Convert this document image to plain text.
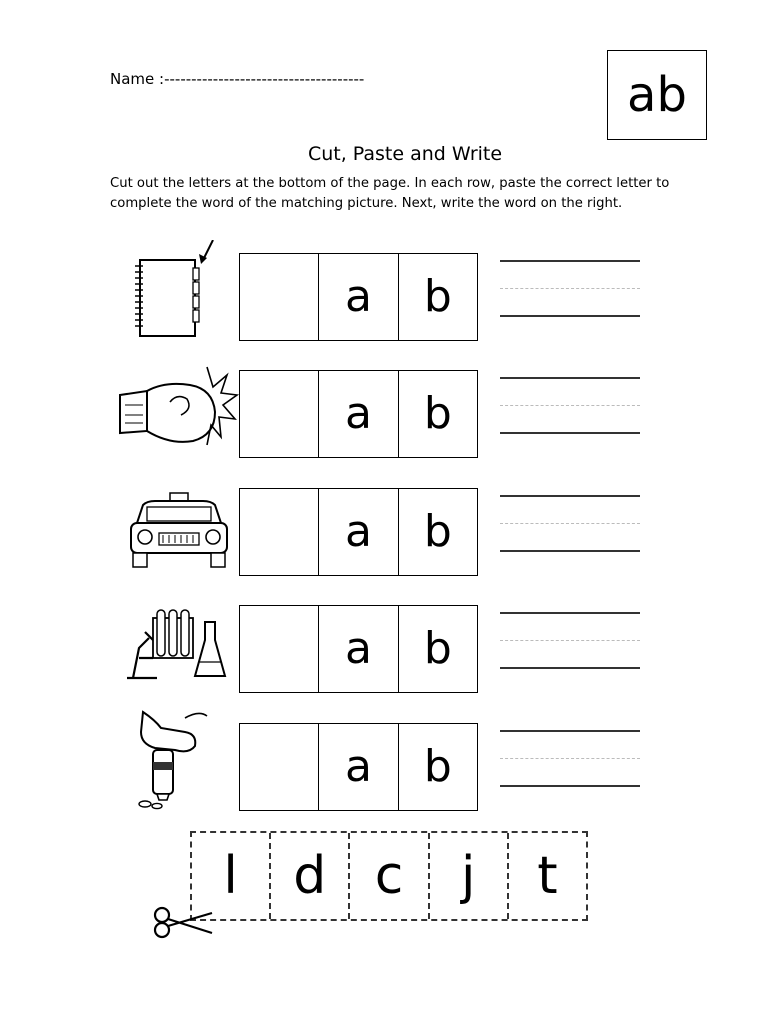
Name :-------------------------------------	ab
Cut, Paste and Write
Cut out the letters at the bottom of the page. In each row, paste the correct letter to complete the word of the matching picture. Next, write the word on the right.
a	b
a	b
a	b
a	b
a	b
l	d c	j	t
